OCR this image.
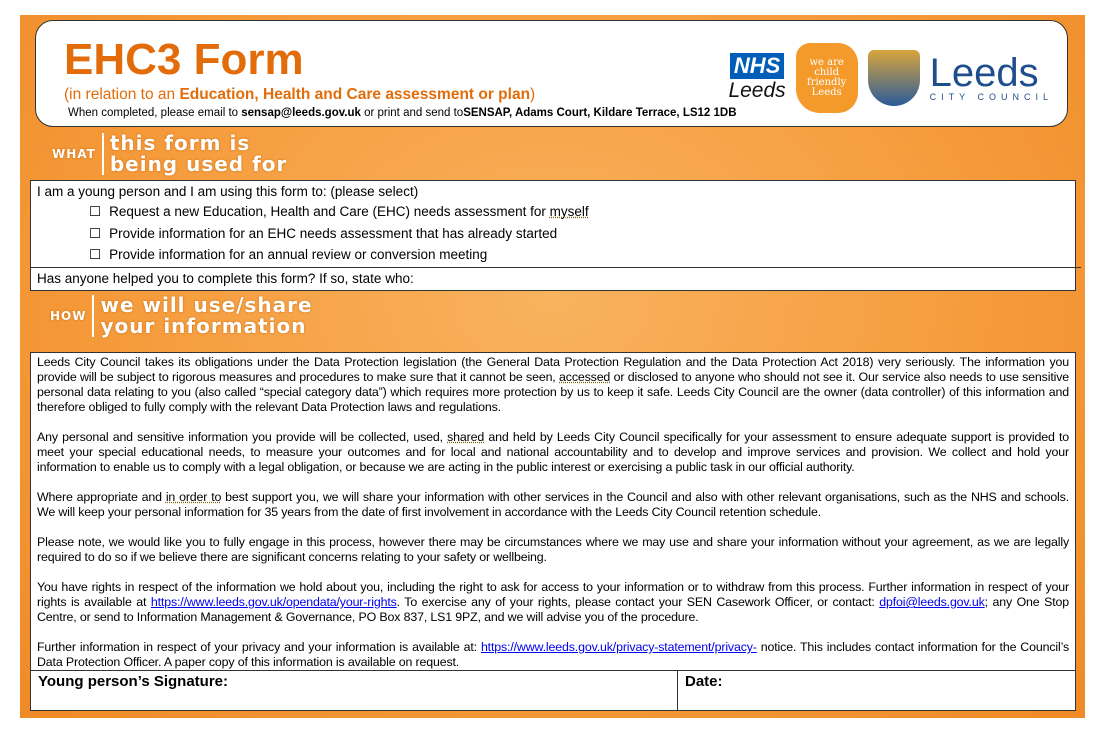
EHC3 Form
(in relation to an Education, Health and Care assessment or plan)
When completed, please email to sensap@leeds.gov.uk or print and send toSENSAP, Adams Court, Kildare Terrace, LS12 1DB
NHS
Leeds
we are child friendly Leeds	Leeds
CITY COUNCIL
WHAT this form is
being used for
I am a young person and I am using this form to: (please select)
☐ Request a new Education, Health and Care (EHC) needs assessment for myself
☐ Provide information for an EHC needs assessment that has already started
☐ Provide information for an annual review or conversion meeting
Has anyone helped you to complete this form? If so, state who:
HOW we will use/share
your information

Leeds City Council takes its obligations under the Data Protection legislation (the General Data Protection Regulation and the Data Protection Act 2018) very seriously. The information you provide will be subject to rigorous measures and procedures to make sure that it cannot be seen, accessed or disclosed to anyone who should not see it. Our service also needs to use sensitive personal data relating to you (also called “special category data”) which requires more protection by us to keep it safe. Leeds City Council are the owner (data controller) of this information and therefore obliged to fully comply with the relevant Data Protection laws and regulations.

Any personal and sensitive information you provide will be collected, used, shared and held by Leeds City Council specifically for your assessment to ensure adequate support is provided to meet your special educational needs, to measure your outcomes and for local and national accountability and to develop and improve services and provision. We collect and hold your information to enable us to comply with a legal obligation, or because we are acting in the public interest or exercising a public task in our official authority.

Where appropriate and in order to best support you, we will share your information with other services in the Council and also with other relevant organisations, such as the NHS and schools. We will keep your personal information for 35 years from the date of first involvement in accordance with the Leeds City Council retention schedule.

Please note, we would like you to fully engage in this process, however there may be circumstances where we may use and share your information without your agreement, as we are legally required to do so if we believe there are significant concerns relating to your safety or wellbeing.

You have rights in respect of the information we hold about you, including the right to ask for access to your information or to withdraw from this process. Further information in respect of your rights is available at https://www.leeds.gov.uk/opendata/your-rights. To exercise any of your rights, please contact your SEN Casework Officer, or contact: dpfoi@leeds.gov.uk; any One Stop Centre, or send to Information Management & Governance, PO Box 837, LS1 9PZ, and we will advise you of the procedure.

Further information in respect of your privacy and your information is available at: https://www.leeds.gov.uk/privacy-statement/privacy- notice. This includes contact information for the Council’s Data Protection Officer. A paper copy of this information is available on request.

Young person’s Signature:	Date:
